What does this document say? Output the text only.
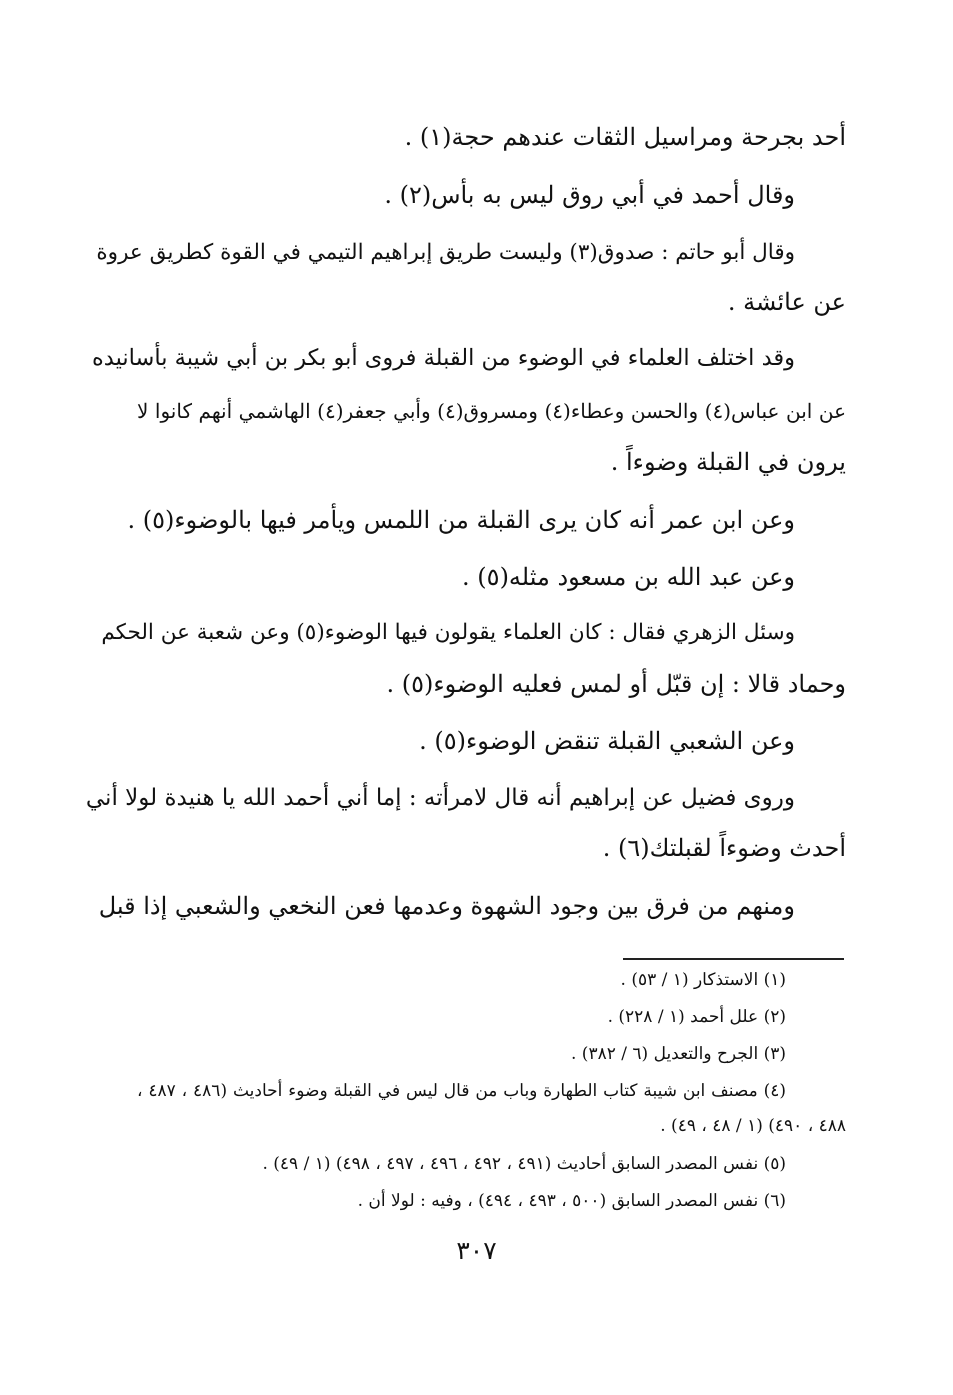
أحد بجرحة ومراسيل الثقات عندهم حجة(١) .
وقال أحمد في أبي روق ليس به بأس(٢) .
وقال أبو حاتم : صدوق(٣) وليست طريق إبراهيم التيمي في القوة كطريق عروة
عن عائشة .
وقد اختلف العلماء في الوضوء من القبلة فروى أبو بكر بن أبي شيبة بأسانيده
عن ابن عباس(٤) والحسن وعطاء(٤) ومسروق(٤) وأبي جعفر(٤) الهاشمي أنهم كانوا لا
يرون في القبلة وضوءاً .
وعن ابن عمر أنه كان يرى القبلة من اللمس ويأمر فيها بالوضوء(٥) .
وعن عبد الله بن مسعود مثله(٥) .
وسئل الزهري فقال : كان العلماء يقولون فيها الوضوء(٥) وعن شعبة عن الحكم
وحماد قالا : إن قبّل أو لمس فعليه الوضوء(٥) .
وعن الشعبي القبلة تنقض الوضوء(٥) .
وروى فضيل عن إبراهيم أنه قال لامرأته : إما أني أحمد الله يا هنيدة لولا أني
أحدث وضوءاً لقبلتك(٦) .
ومنهم من فرق بين وجود الشهوة وعدمها فعن النخعي والشعبي إذا قبل
(١) الاستذكار (١ / ٥٣) .
(٢) علل أحمد (١ / ٢٢٨) .
(٣) الجرح والتعديل (٦ / ٣٨٢) .
(٤) مصنف ابن شيبة كتاب الطهارة وباب من قال ليس في القبلة وضوء أحاديث (٤٨٦ ، ٤٨٧ ،
٤٨٨ ، ٤٩٠) (١ / ٤٨ ، ٤٩) .
(٥) نفس المصدر السابق أحاديث (٤٩١ ، ٤٩٢ ، ٤٩٦ ، ٤٩٧ ، ٤٩٨) (١ / ٤٩) .
(٦) نفس المصدر السابق (٥٠٠ ، ٤٩٣ ، ٤٩٤) ، وفيه : لولا أن .
٣٠٧
